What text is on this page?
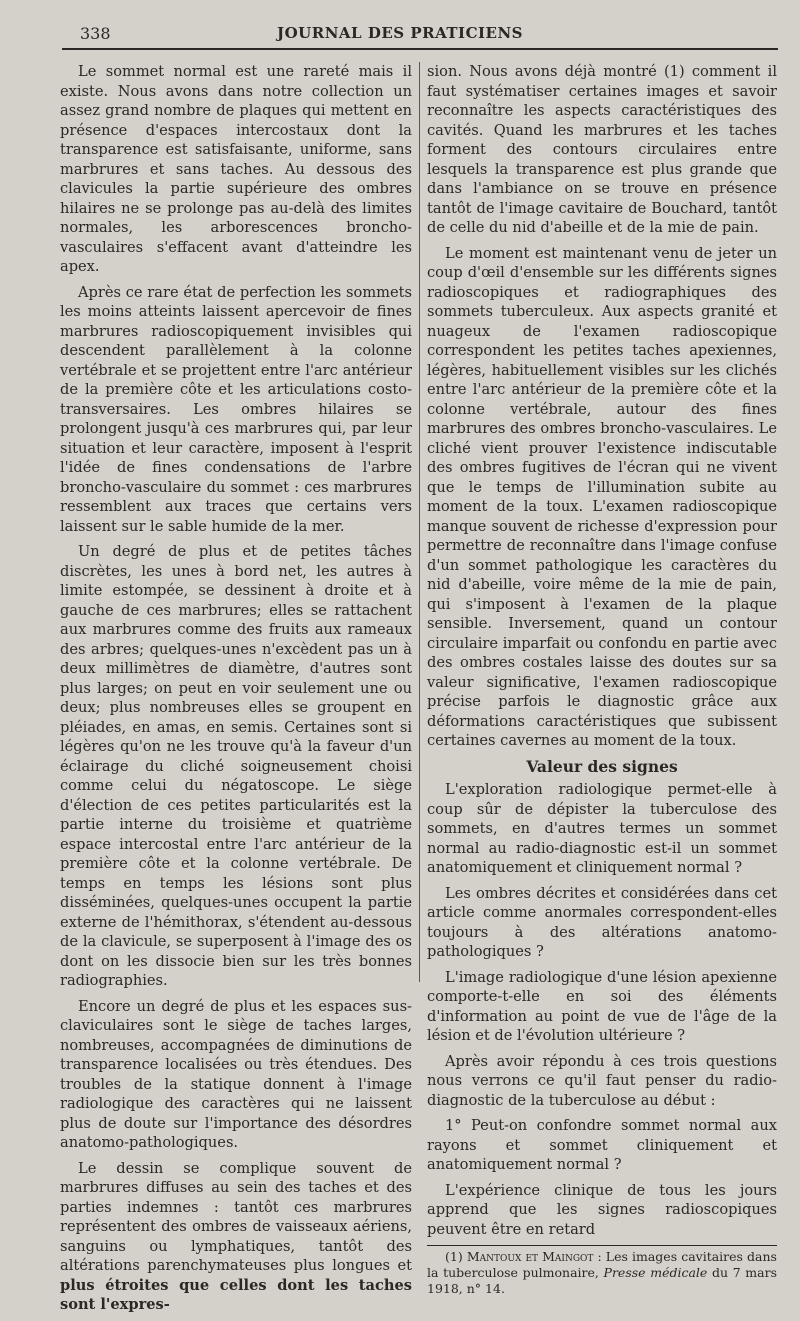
338	JOURNAL DES PRATICIENS

Le sommet normal est une rareté mais il existe. Nous avons dans notre collection un assez grand nombre de plaques qui mettent en présence d'espaces intercostaux dont la transparence est satisfaisante, uniforme, sans marbrures et sans taches. Au dessous des clavicules la partie supérieure des ombres hilaires ne se prolonge pas au-delà des limites normales, les arborescences broncho-vasculaires s'effacent avant d'atteindre les apex.

Après ce rare état de perfection les sommets les moins atteints laissent apercevoir de fines marbrures radioscopiquement invisibles qui descendent parallèlement à la colonne vertébrale et se projettent entre l'arc antérieur de la première côte et les articulations costo-transversaires. Les ombres hilaires se prolongent jusqu'à ces marbrures qui, par leur situation et leur caractère, imposent à l'esprit l'idée de fines condensations de l'arbre broncho-vasculaire du sommet : ces marbrures ressemblent aux traces que certains vers laissent sur le sable humide de la mer.

Un degré de plus et de petites tâches discrètes, les unes à bord net, les autres à limite estompée, se dessinent à droite et à gauche de ces marbrures; elles se rattachent aux marbrures comme des fruits aux rameaux des arbres; quelques-unes n'excèdent pas un à deux millimètres de diamètre, d'autres sont plus larges; on peut en voir seulement une ou deux; plus nombreuses elles se groupent en pléiades, en amas, en semis. Certaines sont si légères qu'on ne les trouve qu'à la faveur d'un éclairage du cliché soigneusement choisi comme celui du négatoscope. Le siège d'élection de ces petites particularités est la partie interne du troisième et quatrième espace intercostal entre l'arc antérieur de la première côte et la colonne vertébrale. De temps en temps les lésions sont plus disséminées, quelques-unes occupent la partie externe de l'hémithorax, s'étendent au-dessous de la clavicule, se superposent à l'image des os dont on les dissocie bien sur les très bonnes radiographies.

Encore un degré de plus et les espaces sus-claviculaires sont le siège de taches larges, nombreuses, accompagnées de diminutions de transparence localisées ou très étendues. Des troubles de la statique donnent à l'image radiologique des caractères qui ne laissent plus de doute sur l'importance des désordres anatomo-pathologiques.

Le dessin se complique souvent de marbrures diffuses au sein des taches et des parties indemnes : tantôt ces marbrures représentent des ombres de vaisseaux aériens, sanguins ou lymphatiques, tantôt des altérations parenchymateuses plus longues et plus étroites que celles dont les taches sont l'expres-

sion. Nous avons déjà montré (1) comment il faut systématiser certaines images et savoir reconnaître les aspects caractéristiques des cavités. Quand les marbrures et les taches forment des contours circulaires entre lesquels la transparence est plus grande que dans l'ambiance on se trouve en présence tantôt de l'image cavitaire de Bouchard, tantôt de celle du nid d'abeille et de la mie de pain.

Le moment est maintenant venu de jeter un coup d'œil d'ensemble sur les différents signes radioscopiques et radiographiques des sommets tuberculeux. Aux aspects granité et nuageux de l'examen radioscopique correspondent les petites taches apexiennes, légères, habituellement visibles sur les clichés entre l'arc antérieur de la première côte et la colonne vertébrale, autour des fines marbrures des ombres broncho-vasculaires. Le cliché vient prouver l'existence indiscutable des ombres fugitives de l'écran qui ne vivent que le temps de l'illumination subite au moment de la toux. L'examen radioscopique manque souvent de richesse d'expression pour permettre de reconnaître dans l'image confuse d'un sommet pathologique les caractères du nid d'abeille, voire même de la mie de pain, qui s'imposent à l'examen de la plaque sensible. Inversement, quand un contour circulaire imparfait ou confondu en partie avec des ombres costales laisse des doutes sur sa valeur significative, l'examen radioscopique précise parfois le diagnostic grâce aux déformations caractéristiques que subissent certaines cavernes au moment de la toux.

Valeur des signes

L'exploration radiologique permet-elle à coup sûr de dépister la tuberculose des sommets, en d'autres termes un sommet normal au radio-diagnostic est-il un sommet anatomiquement et cliniquement normal ?

Les ombres décrites et considérées dans cet article comme anormales correspondent-elles toujours à des altérations anatomo-pathologiques ?

L'image radiologique d'une lésion apexienne comporte-t-elle en soi des éléments d'information au point de vue de l'âge de la lésion et de l'évolution ultérieure ?

Après avoir répondu à ces trois questions nous verrons ce qu'il faut penser du radio-diagnostic de la tuberculose au début :

1° Peut-on confondre sommet normal aux rayons et sommet cliniquement et anatomiquement normal ?

L'expérience clinique de tous les jours apprend que les signes radioscopiques peuvent être en retard

(1) Mantoux et Maingot : Les images cavitaires dans la tuberculose pulmonaire, Presse médicale du 7 mars 1918, n° 14.
